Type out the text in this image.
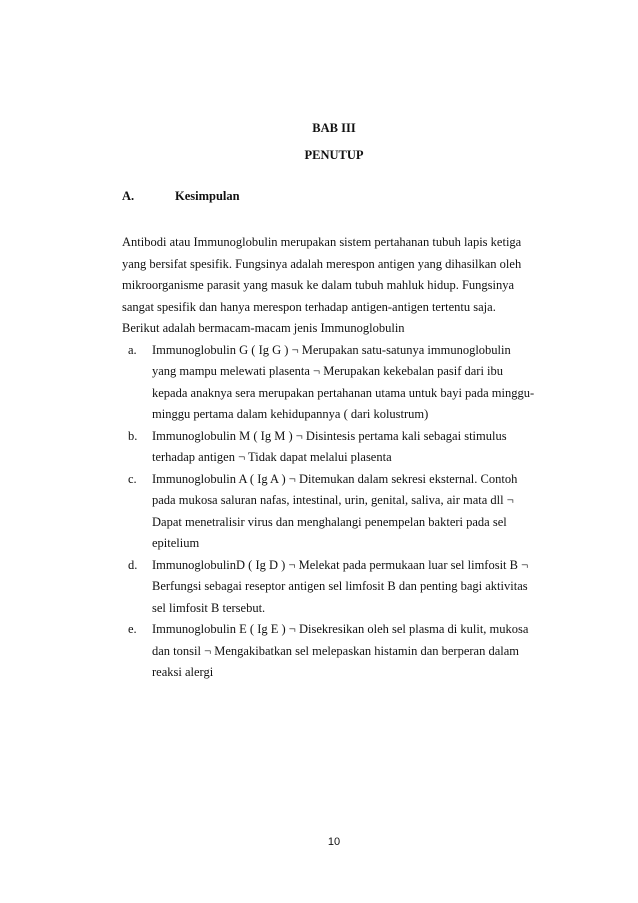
BAB III
PENUTUP
A.	Kesimpulan
Antibodi atau Immunoglobulin merupakan sistem pertahanan tubuh lapis ketiga
yang bersifat spesifik. Fungsinya adalah merespon antigen yang dihasilkan oleh
mikroorganisme parasit yang masuk ke dalam tubuh mahluk hidup. Fungsinya
sangat spesifik dan hanya merespon terhadap antigen-antigen tertentu saja.
Berikut adalah bermacam-macam jenis Immunoglobulin
a. Immunoglobulin G ( Ig G ) ¬ Merupakan satu-satunya immunoglobulin
yang mampu melewati plasenta ¬ Merupakan kekebalan pasif dari ibu
kepada anaknya sera merupakan pertahanan utama untuk bayi pada minggu-
minggu pertama dalam kehidupannya ( dari kolustrum)
b. Immunoglobulin M ( Ig M ) ¬ Disintesis pertama kali sebagai stimulus
terhadap antigen ¬ Tidak dapat melalui plasenta
c. Immunoglobulin A ( Ig A ) ¬ Ditemukan dalam sekresi eksternal. Contoh
pada mukosa saluran nafas, intestinal, urin, genital, saliva, air mata dll ¬
Dapat menetralisir virus dan menghalangi penempelan bakteri pada sel
epitelium
d. ImmunoglobulinD ( Ig D ) ¬ Melekat pada permukaan luar sel limfosit B ¬
Berfungsi sebagai reseptor antigen sel limfosit B dan penting bagi aktivitas
sel limfosit B tersebut.
e. Immunoglobulin E ( Ig E ) ¬ Disekresikan oleh sel plasma di kulit, mukosa
dan tonsil ¬ Mengakibatkan sel melepaskan histamin dan berperan dalam
reaksi alergi
10
